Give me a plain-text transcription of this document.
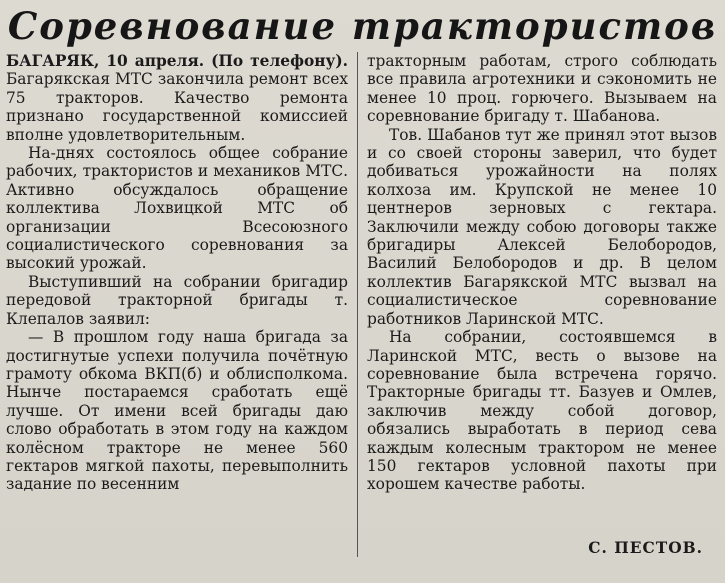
Соревнование трактористов

БАГАРЯК, 10 апреля. (По телефону). Багарякская МТС закончила ремонт всех 75 тракторов. Качество ремонта признано государственной комиссией вполне удовлетворительным.

На-днях состоялось общее собрание рабочих, трактористов и механиков МТС. Активно обсуждалось обращение коллектива Лохвицкой МТС об организации Всесоюзного социалистического соревнования за высокий урожай.

Выступивший на собрании бригадир передовой тракторной бригады т. Клепалов заявил:

— В прошлом году наша бригада за достигнутые успехи получила почётную грамоту обкома ВКП(б) и облисполкома. Нынче постараемся сработать ещё лучше. От имени всей бригады даю слово обработать в этом году на каждом колёсном тракторе не менее 560 гектаров мягкой пахоты, перевыполнить задание по весенним

тракторным работам, строго соблюдать все правила агротехники и сэкономить не менее 10 проц. горючего. Вызываем на соревнование бригаду т. Шабанова.

Тов. Шабанов тут же принял этот вызов и со своей стороны заверил, что будет добиваться урожайности на полях колхоза им. Крупской не менее 10 центнеров зерновых с гектара. Заключили между собою договоры также бригадиры Алексей Белобородов, Василий Белобородов и др. В целом коллектив Багарякской МТС вызвал на социалистическое соревнование работников Ларинской МТС.

На собрании, состоявшемся в Ларинской МТС, весть о вызове на соревнование была встречена горячо. Тракторные бригады тт. Базуев и Омлев, заключив между собой договор, обязались выработать в период сева каждым колесным трактором не менее 150 гектаров условной пахоты при хорошем качестве работы.

С. ПЕСТОВ.
